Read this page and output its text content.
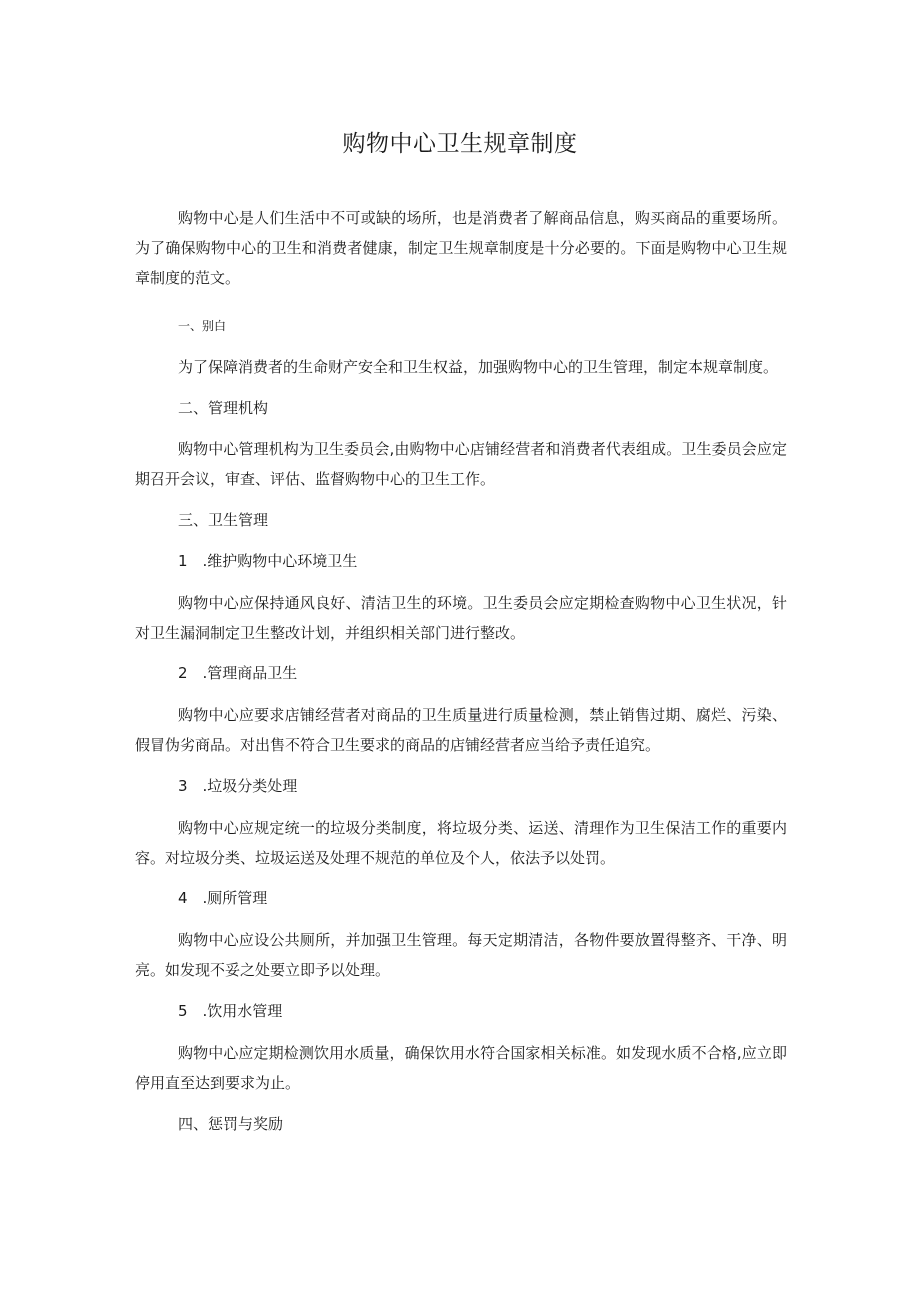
购物中心卫生规章制度

购物中心是人们生活中不可或缺的场所，也是消费者了解商品信息，购买商品的重要场所。为了确保购物中心的卫生和消费者健康，制定卫生规章制度是十分必要的。下面是购物中心卫生规章制度的范文。

一、别白

为了保障消费者的生命财产安全和卫生权益，加强购物中心的卫生管理，制定本规章制度。

二、管理机构

购物中心管理机构为卫生委员会,由购物中心店铺经营者和消费者代表组成。卫生委员会应定期召开会议，审查、评估、监督购物中心的卫生工作。

三、卫生管理

1　.维护购物中心环境卫生

购物中心应保持通风良好、清洁卫生的环境。卫生委员会应定期检查购物中心卫生状况，针对卫生漏洞制定卫生整改计划，并组织相关部门进行整改。

2　.管理商品卫生

购物中心应要求店铺经营者对商品的卫生质量进行质量检测，禁止销售过期、腐烂、污染、假冒伪劣商品。对出售不符合卫生要求的商品的店铺经营者应当给予责任追究。

3　.垃圾分类处理

购物中心应规定统一的垃圾分类制度，将垃圾分类、运送、清理作为卫生保洁工作的重要内容。对垃圾分类、垃圾运送及处理不规范的单位及个人，依法予以处罚。

4　.厕所管理

购物中心应设公共厕所，并加强卫生管理。每天定期清洁，各物件要放置得整齐、干净、明亮。如发现不妥之处要立即予以处理。

5　.饮用水管理

购物中心应定期检测饮用水质量，确保饮用水符合国家相关标准。如发现水质不合格,应立即停用直至达到要求为止。

四、惩罚与奖励
